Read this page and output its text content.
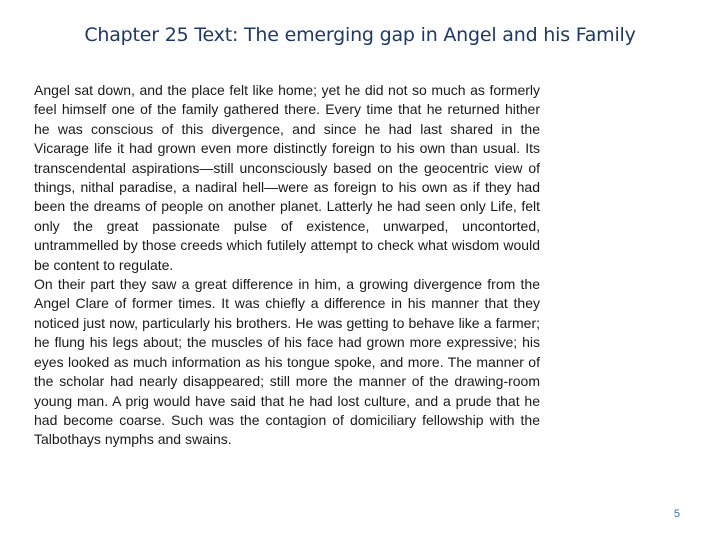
Chapter 25 Text: The emerging gap in Angel and his Family

Angel sat down, and the place felt like home; yet he did not so much as formerly feel himself one of the family gathered there. Every time that he returned hither he was conscious of this divergence, and since he had last shared in the Vicarage life it had grown even more distinctly foreign to his own than usual. Its transcendental aspirations—still unconsciously based on the geocentric view of things, nithal paradise, a nadiral hell—were as foreign to his own as if they had been the dreams of people on another planet. Latterly he had seen only Life, felt only the great passionate pulse of existence, unwarped, uncontorted, untrammelled by those creeds which futilely attempt to check what wisdom would be content to regulate.

On their part they saw a great difference in him, a growing divergence from the Angel Clare of former times. It was chiefly a difference in his manner that they noticed just now, particularly his brothers. He was getting to behave like a farmer; he flung his legs about; the muscles of his face had grown more expressive; his eyes looked as much information as his tongue spoke, and more. The manner of the scholar had nearly disappeared; still more the manner of the drawing-room young man. A prig would have said that he had lost culture, and a prude that he had become coarse. Such was the contagion of domiciliary fellowship with the Talbothays nymphs and swains.

5
